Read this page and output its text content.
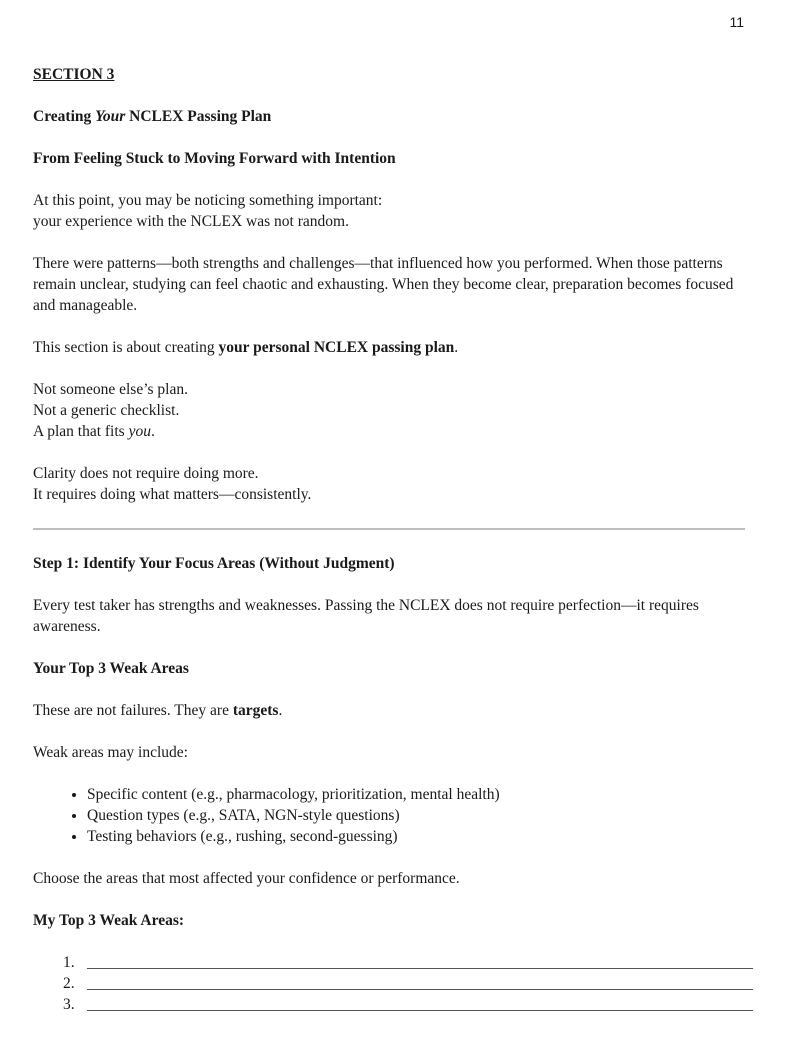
11

SECTION 3

Creating Your NCLEX Passing Plan

From Feeling Stuck to Moving Forward with Intention

At this point, you may be noticing something important:

your experience with the NCLEX was not random.

There were patterns—both strengths and challenges—that influenced how you performed. When those patterns remain unclear, studying can feel chaotic and exhausting. When they become clear, preparation becomes focused and manageable.

This section is about creating your personal NCLEX passing plan.

Not someone else’s plan.

Not a generic checklist.

A plan that fits you.

Clarity does not require doing more.

It requires doing what matters—consistently.

Step 1: Identify Your Focus Areas (Without Judgment)

Every test taker has strengths and weaknesses. Passing the NCLEX does not require perfection—it requires awareness.

Your Top 3 Weak Areas

These are not failures. They are targets.

Weak areas may include:

• Specific content (e.g., pharmacology, prioritization, mental health)
• Question types (e.g., SATA, NGN-style questions)
• Testing behaviors (e.g., rushing, second-guessing)

Choose the areas that most affected your confidence or performance.

My Top 3 Weak Areas:

1.
2.
3.
